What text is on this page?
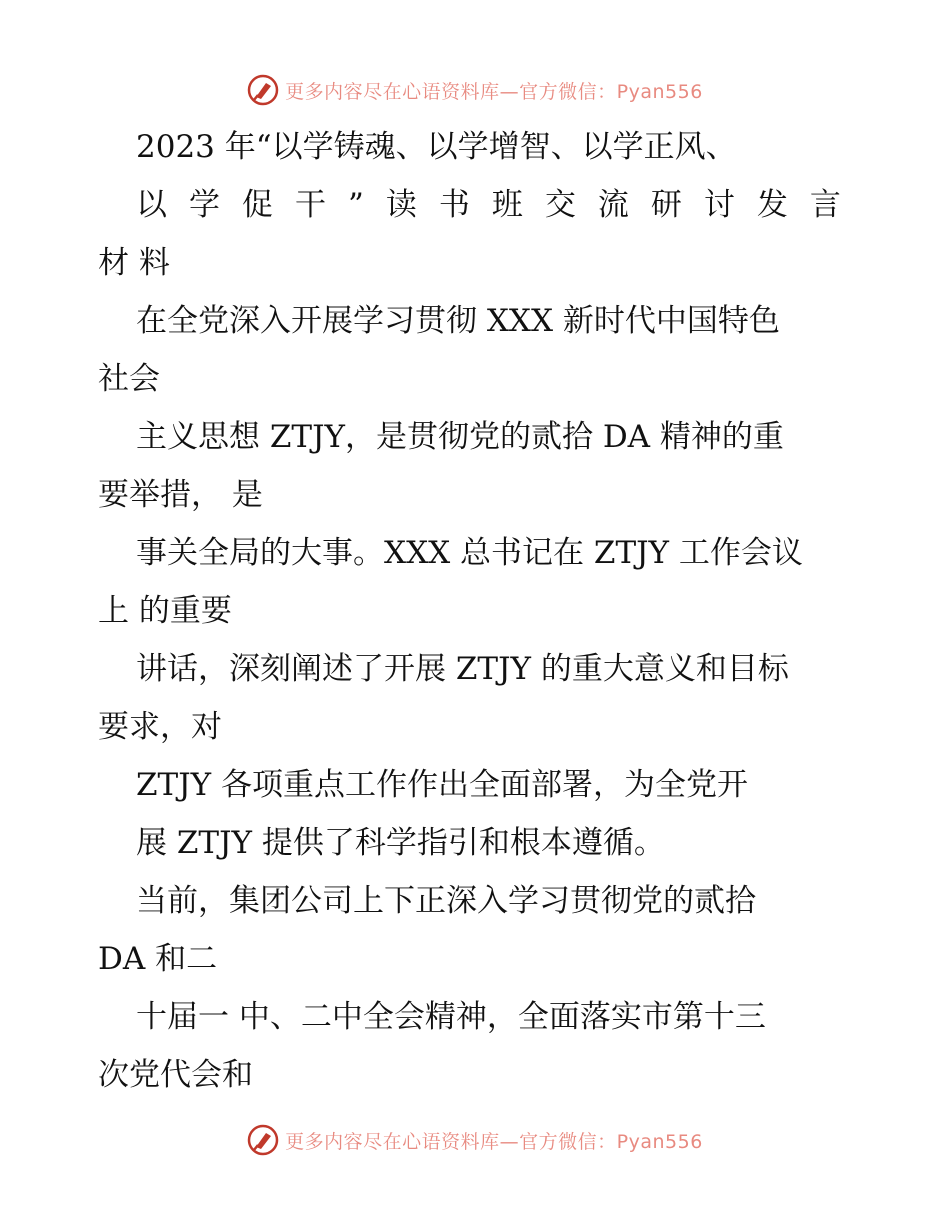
更多内容尽在心语资料库—官方微信：Pyan556
2023 年“以学铸魂、以学增智、以学正风、
以学促干”读书班交流研讨发言
材 料
在全党深入开展学习贯彻 XXX 新时代中国特色
社会
主义思想 ZTJY，是贯彻党的贰拾 DA 精神的重
要举措， 是
事关全局的大事。XXX 总书记在 ZTJY 工作会议
上 的重要
讲话，深刻阐述了开展 ZTJY 的重大意义和目标
要求，对
ZTJY 各项重点工作作出全面部署，为全党开
展 ZTJY 提供了科学指引和根本遵循。
当前，集团公司上下正深入学习贯彻党的贰拾
DA 和二
十届一 中、二中全会精神，全面落实市第十三
次党代会和
更多内容尽在心语资料库—官方微信：Pyan556
